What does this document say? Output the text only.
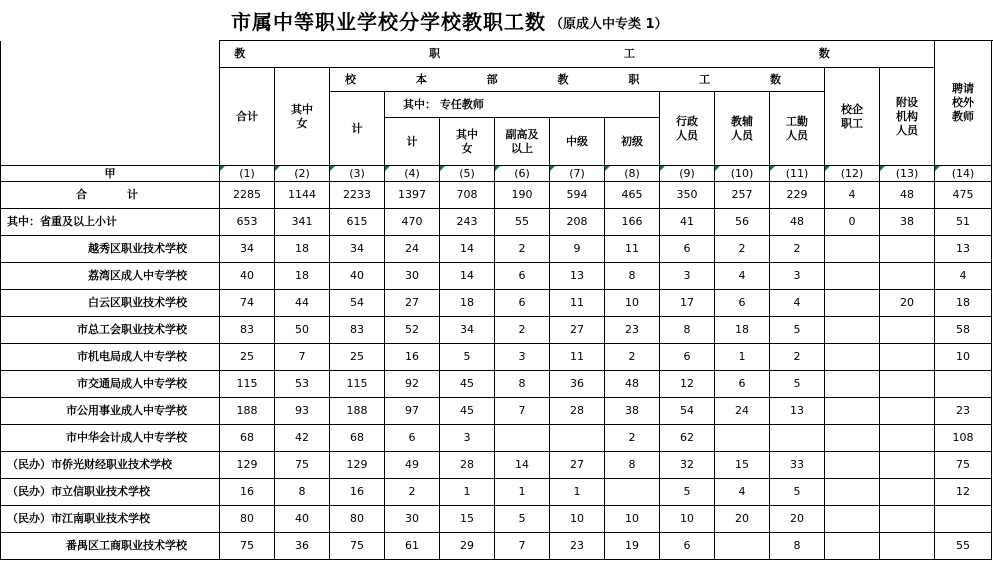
市属中等职业学校分学校教职工数 （原成人中专类 1）
	教 职 工 数													聘请校外教师

	合计	其中女	校 本 部 教 职 工 数									校企职工	附设机构人员	

			计	其中： 专任教师					行政人员	教辅人员	工勤人员			

				计	其中女	副高及以上	中级	初级						
甲	(1)	(2)	(3)	(4)	(5)	(6)	(7)	(8)	(9)	(10)	(11)	(12)	(13)	(14)
合　　计	2285	1144	2233	1397	708	190	594	465	350	257	229	4	48	475
其中：省重及以上小计	653	341	615	470	243	55	208	166	41	56	48	0	38	51
越秀区职业技术学校	34	18	34	24	14	2	9	11	6	2	2			13
荔湾区成人中专学校	40	18	40	30	14	6	13	8	3	4	3			4
白云区职业技术学校	74	44	54	27	18	6	11	10	17	6	4		20	18
市总工会职业技术学校	83	50	83	52	34	2	27	23	8	18	5			58
市机电局成人中专学校	25	7	25	16	5	3	11	2	6	1	2			10
市交通局成人中专学校	115	53	115	92	45	8	36	48	12	6	5			
市公用事业成人中专学校	188	93	188	97	45	7	28	38	54	24	13			23
市中华会计成人中专学校	68	42	68	6	3			2	62					108
（民办）市侨光财经职业技术学校	129	75	129	49	28	14	27	8	32	15	33			75
（民办）市立信职业技术学校	16	8	16	2	1	1	1		5	4	5			12
（民办）市江南职业技术学校	80	40	80	30	15	5	10	10	10	20	20			
番禺区工商职业技术学校	75	36	75	61	29	7	23	19	6		8			55
